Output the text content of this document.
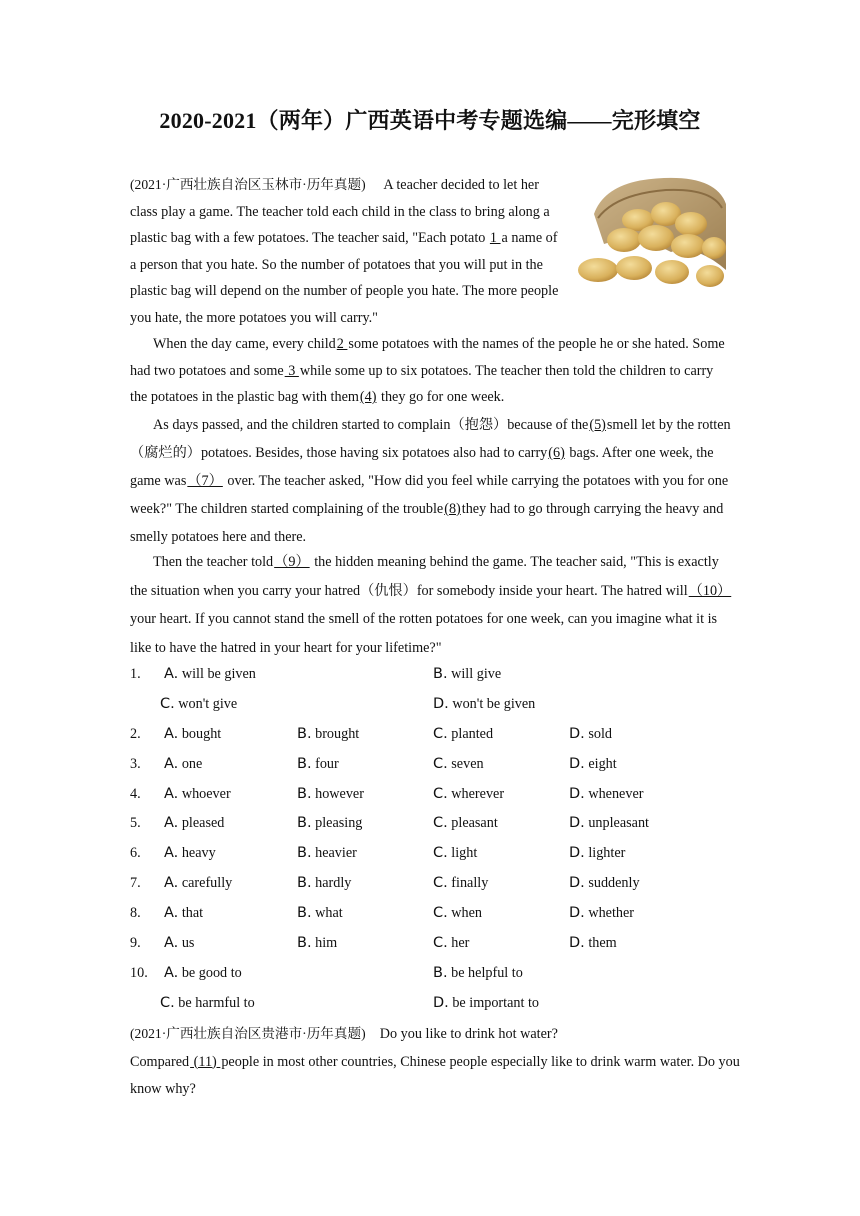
2020-2021（两年）广西英语中考专题选编——完形填空
(2021·广西壮族自治区玉林市·历年真题) A teacher decided to let her class play a game. The teacher told each child in the class to bring along a plastic bag with a few potatoes. The teacher said, "Each potato 1 a name of a person that you hate. So the number of potatoes that you will put in the plastic bag will depend on the number of people you hate. The more people you hate, the more potatoes you will carry."
When the day came, every child2 some potatoes with the names of the people he or she hated. Some had two potatoes and some 3 while some up to six potatoes. The teacher then told the children to carry the potatoes in the plastic bag with them(4) they go for one week.
As days passed, and the children started to complain（抱怨）because of the(5)smell let by the rotten（腐烂的）potatoes. Besides, those having six potatoes also had to carry(6) bags. After one week, the game was（7） over. The teacher asked, "How did you feel while carrying the potatoes with you for one week?" The children started complaining of the trouble(8)they had to go through carrying the heavy and smelly potatoes here and there.
Then the teacher told（9） the hidden meaning behind the game. The teacher said, "This is exactly the situation when you carry your hatred（仇恨）for somebody inside your heart. The hatred will（10） your heart. If you cannot stand the smell of the rotten potatoes for one week, can you imagine what it is like to have the hatred in your heart for your lifetime?"
1. A. will be given	B. will give
C. won't give	D. won't be given
2. A. bought	B. brought	C. planted	D. sold
3. A. one	B. four	C. seven	D. eight
4. A. whoever	B. however	C. wherever	D. whenever
5. A. pleased	B. pleasing	C. pleasant	D. unpleasant
6. A. heavy	B. heavier	C. light	D. lighter
7. A. carefully	B. hardly	C. finally	D. suddenly
8. A. that	B. what	C. when	D. whether
9. A. us	B. him	C. her	D. them
10. A. be good to	B. be helpful to
C. be harmful to	D. be important to
(2021·广西壮族自治区贵港市·历年真题) Do you like to drink hot water?
Compared (11) people in most other countries, Chinese people especially like to drink warm water. Do you know why?
